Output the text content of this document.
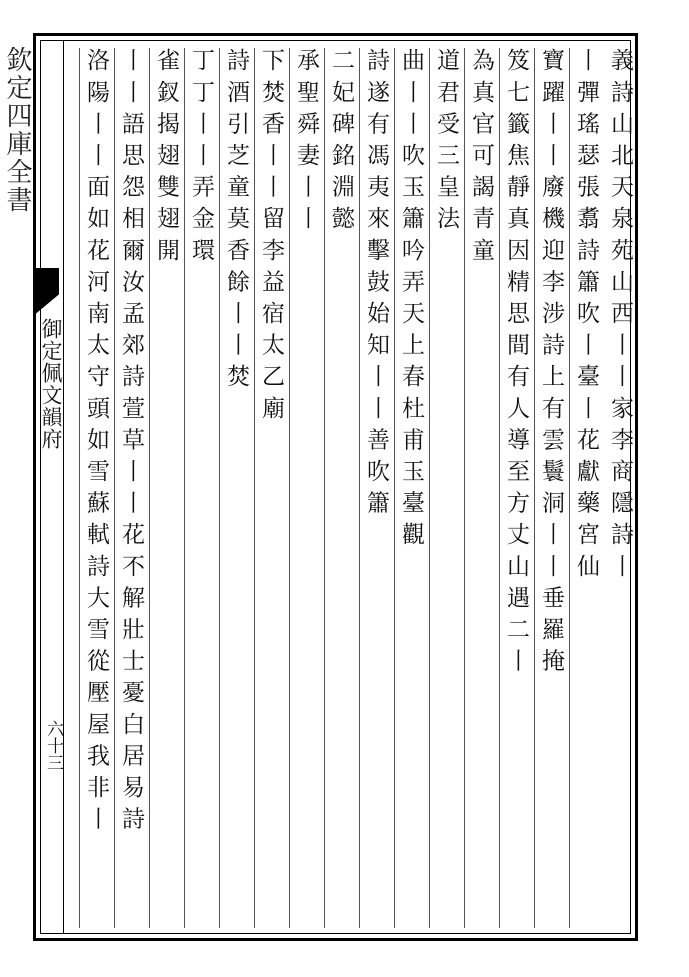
欽定四庫全書
御定佩文韻府
六十三
義詩山北天泉苑山西丨丨家李商隱詩丨
丨彈瑤瑟張翥詩簫吹丨臺丨花獻藥宮仙
寶躍丨丨廢機迎李涉詩上有雲鬟洞丨丨垂羅掩
笈七籤焦靜真因精思間有人導至方丈山遇二丨
為真官可謁青童
道君受三皇法
曲丨丨吹玉簫吟弄天上春杜甫玉臺觀
詩遂有馮夷來擊鼓始知丨丨善吹簫
二妃碑銘淵懿
承聖舜妻丨丨
下焚香丨丨留李益宿太乙廟
詩酒引芝童莫香餘丨丨焚
丁丁丨丨弄金環
雀釵揭翅雙翅開
丨丨語思怨相爾汝孟郊詩萱草丨丨花不解壯士憂白居易詩
洛陽丨丨面如花河南太守頭如雪蘇軾詩大雪從壓屋我非丨
